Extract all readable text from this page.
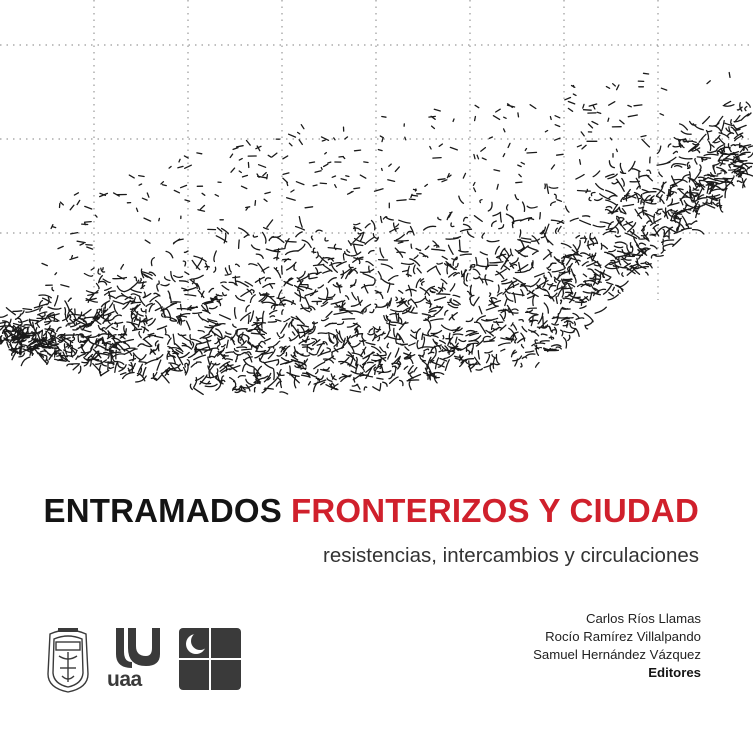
ENTRAMADOS FRONTERIZOS Y CIUDAD
resistencias, intercambios y circulaciones
Carlos Ríos Llamas
Rocío Ramírez Villalpando
Samuel Hernández Vázquez
Editores
uaa
